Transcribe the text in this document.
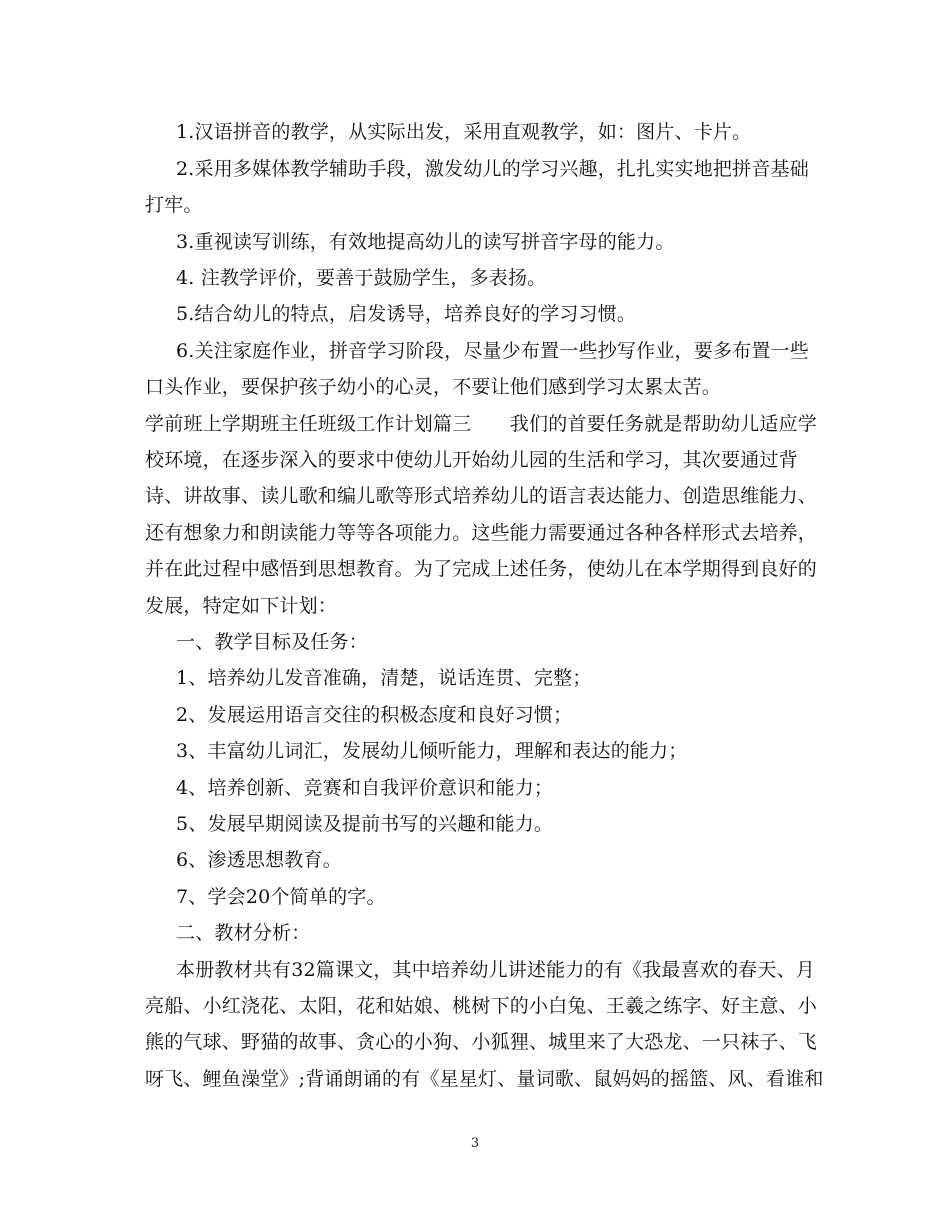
1.汉语拼音的教学，从实际出发，采用直观教学，如：图片、卡片。
2.采用多媒体教学辅助手段，激发幼儿的学习兴趣，扎扎实实地把拼音基础
打牢。
3.重视读写训练，有效地提高幼儿的读写拼音字母的能力。
4. 注教学评价，要善于鼓励学生，多表扬。
5.结合幼儿的特点，启发诱导，培养良好的学习习惯。
6.关注家庭作业，拼音学习阶段，尽量少布置一些抄写作业，要多布置一些
口头作业，要保护孩子幼小的心灵，不要让他们感到学习太累太苦。
学前班上学期班主任班级工作计划篇三　　我们的首要任务就是帮助幼儿适应学
校环境，在逐步深入的要求中使幼儿开始幼儿园的生活和学习，其次要通过背
诗、讲故事、读儿歌和编儿歌等形式培养幼儿的语言表达能力、创造思维能力、
还有想象力和朗读能力等等各项能力。这些能力需要通过各种各样形式去培养，
并在此过程中感悟到思想教育。为了完成上述任务，使幼儿在本学期得到良好的
发展，特定如下计划：
一、教学目标及任务：
1、培养幼儿发音准确，清楚，说话连贯、完整；
2、发展运用语言交往的积极态度和良好习惯；
3、丰富幼儿词汇，发展幼儿倾听能力，理解和表达的能力；
4、培养创新、竞赛和自我评价意识和能力；
5、发展早期阅读及提前书写的兴趣和能力。
6、渗透思想教育。
7、学会20个简单的字。
二、教材分析：
本册教材共有32篇课文，其中培养幼儿讲述能力的有《我最喜欢的春天、月
亮船、小红浇花、太阳，花和姑娘、桃树下的小白兔、王羲之练字、好主意、小
熊的气球、野猫的故事、贪心的小狗、小狐狸、城里来了大恐龙、一只袜子、飞
呀飞、鲤鱼澡堂》;背诵朗诵的有《星星灯、量词歌、鼠妈妈的摇篮、风、看谁和
3
